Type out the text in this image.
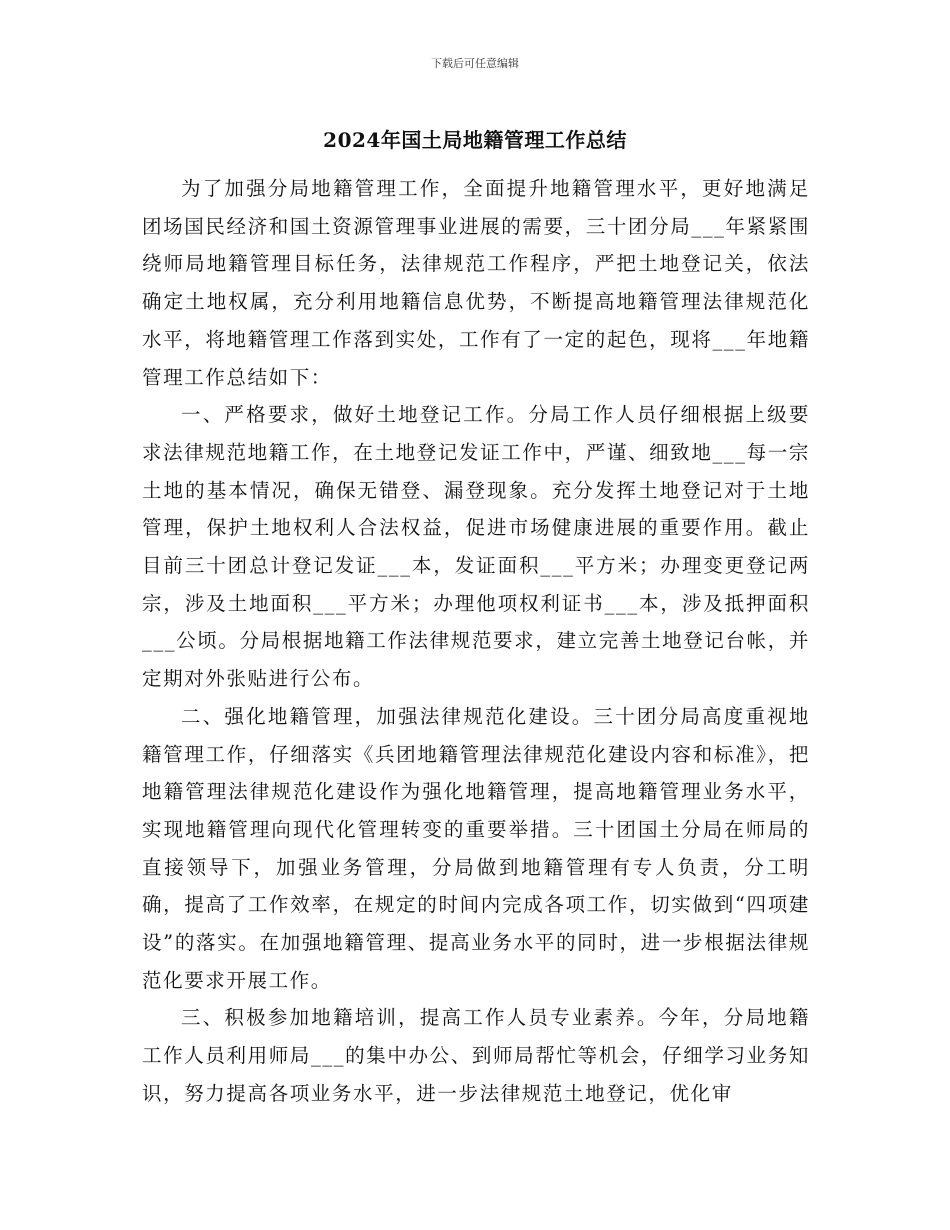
下载后可任意编辑
2024年国土局地籍管理工作总结

为了加强分局地籍管理工作，全面提升地籍管理水平，更好地满足团场国民经济和国土资源管理事业进展的需要，三十团分局___年紧紧围绕师局地籍管理目标任务，法律规范工作程序，严把土地登记关，依法确定土地权属，充分利用地籍信息优势，不断提高地籍管理法律规范化水平，将地籍管理工作落到实处，工作有了一定的起色，现将___年地籍管理工作总结如下：

一、严格要求，做好土地登记工作。分局工作人员仔细根据上级要求法律规范地籍工作，在土地登记发证工作中，严谨、细致地___每一宗土地的基本情况，确保无错登、漏登现象。充分发挥土地登记对于土地管理，保护土地权利人合法权益，促进市场健康进展的重要作用。截止目前三十团总计登记发证___本，发证面积___平方米；办理变更登记两宗，涉及土地面积___平方米；办理他项权利证书___本，涉及抵押面积___公顷。分局根据地籍工作法律规范要求，建立完善土地登记台帐，并定期对外张贴进行公布。

二、强化地籍管理，加强法律规范化建设。三十团分局高度重视地籍管理工作，仔细落实《兵团地籍管理法律规范化建设内容和标准》，把地籍管理法律规范化建设作为强化地籍管理，提高地籍管理业务水平，实现地籍管理向现代化管理转变的重要举措。三十团国土分局在师局的直接领导下，加强业务管理，分局做到地籍管理有专人负责，分工明确，提高了工作效率，在规定的时间内完成各项工作，切实做到“四项建设”的落实。在加强地籍管理、提高业务水平的同时，进一步根据法律规范化要求开展工作。

三、积极参加地籍培训，提高工作人员专业素养。今年，分局地籍工作人员利用师局___的集中办公、到师局帮忙等机会，仔细学习业务知识，努力提高各项业务水平，进一步法律规范土地登记，优化审
